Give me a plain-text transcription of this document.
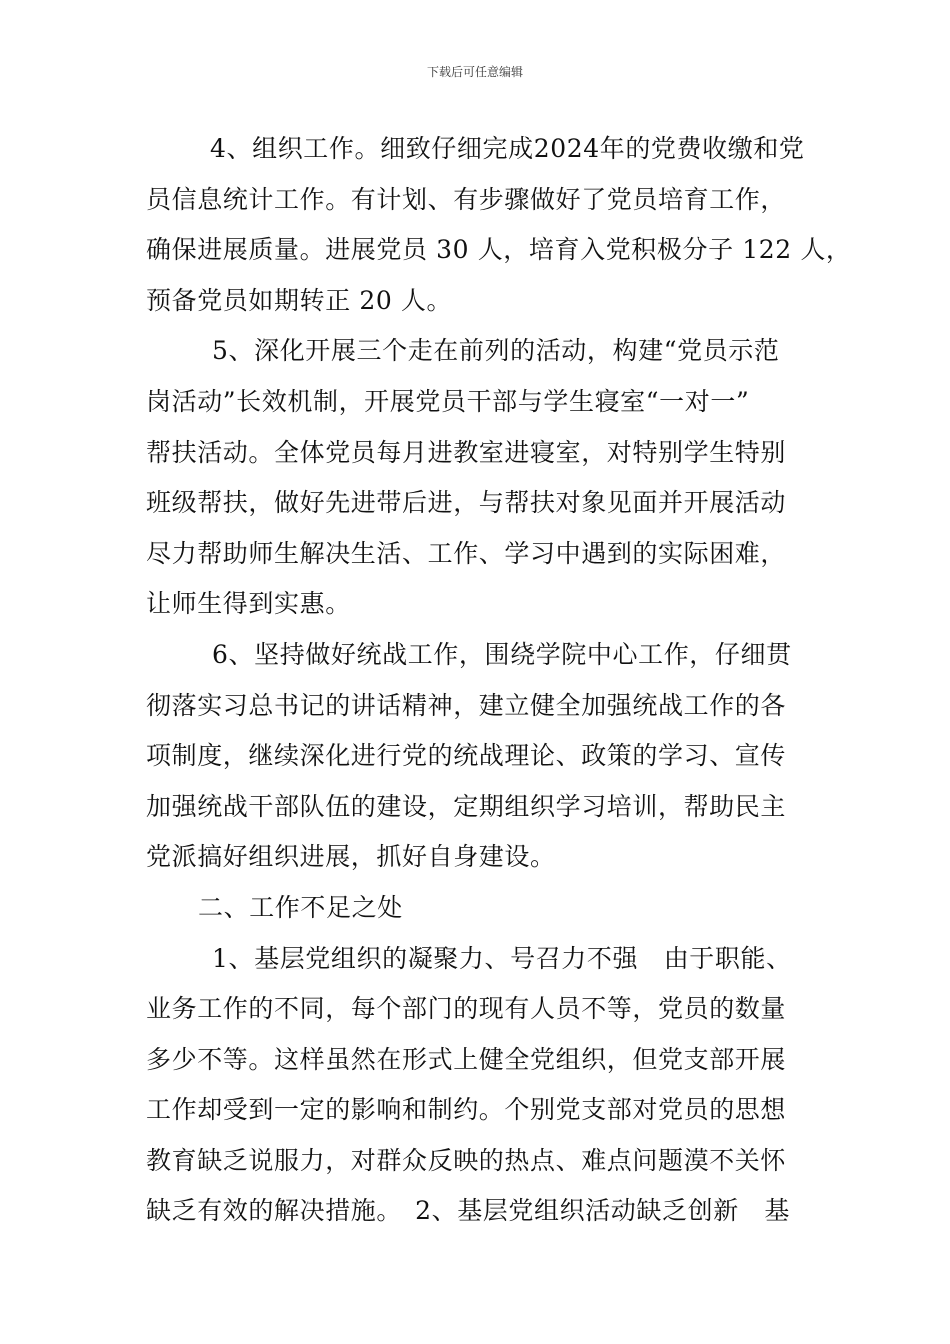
下载后可任意编辑
4、组织工作。细致仔细完成2024年的党费收缴和党
员信息统计工作。有计划、有步骤做好了党员培育工作，
确保进展质量。进展党员 30 人，培育入党积极分子 122 人，
预备党员如期转正 20 人。
5、深化开展三个走在前列的活动，构建“党员示范
岗活动”长效机制，开展党员干部与学生寝室“一对一”
帮扶活动。全体党员每月进教室进寝室，对特别学生特别
班级帮扶，做好先进带后进，与帮扶对象见面并开展活动
尽力帮助师生解决生活、工作、学习中遇到的实际困难，
让师生得到实惠。
6、坚持做好统战工作，围绕学院中心工作，仔细贯
彻落实习总书记的讲话精神，建立健全加强统战工作的各
项制度，继续深化进行党的统战理论、政策的学习、宣传
加强统战干部队伍的建设，定期组织学习培训，帮助民主
党派搞好组织进展，抓好自身建设。
二、工作不足之处
1、基层党组织的凝聚力、号召力不强　由于职能、
业务工作的不同，每个部门的现有人员不等，党员的数量
多少不等。这样虽然在形式上健全党组织，但党支部开展
工作却受到一定的影响和制约。个别党支部对党员的思想
教育缺乏说服力，对群众反映的热点、难点问题漠不关怀
缺乏有效的解决措施。　2、基层党组织活动缺乏创新　基
